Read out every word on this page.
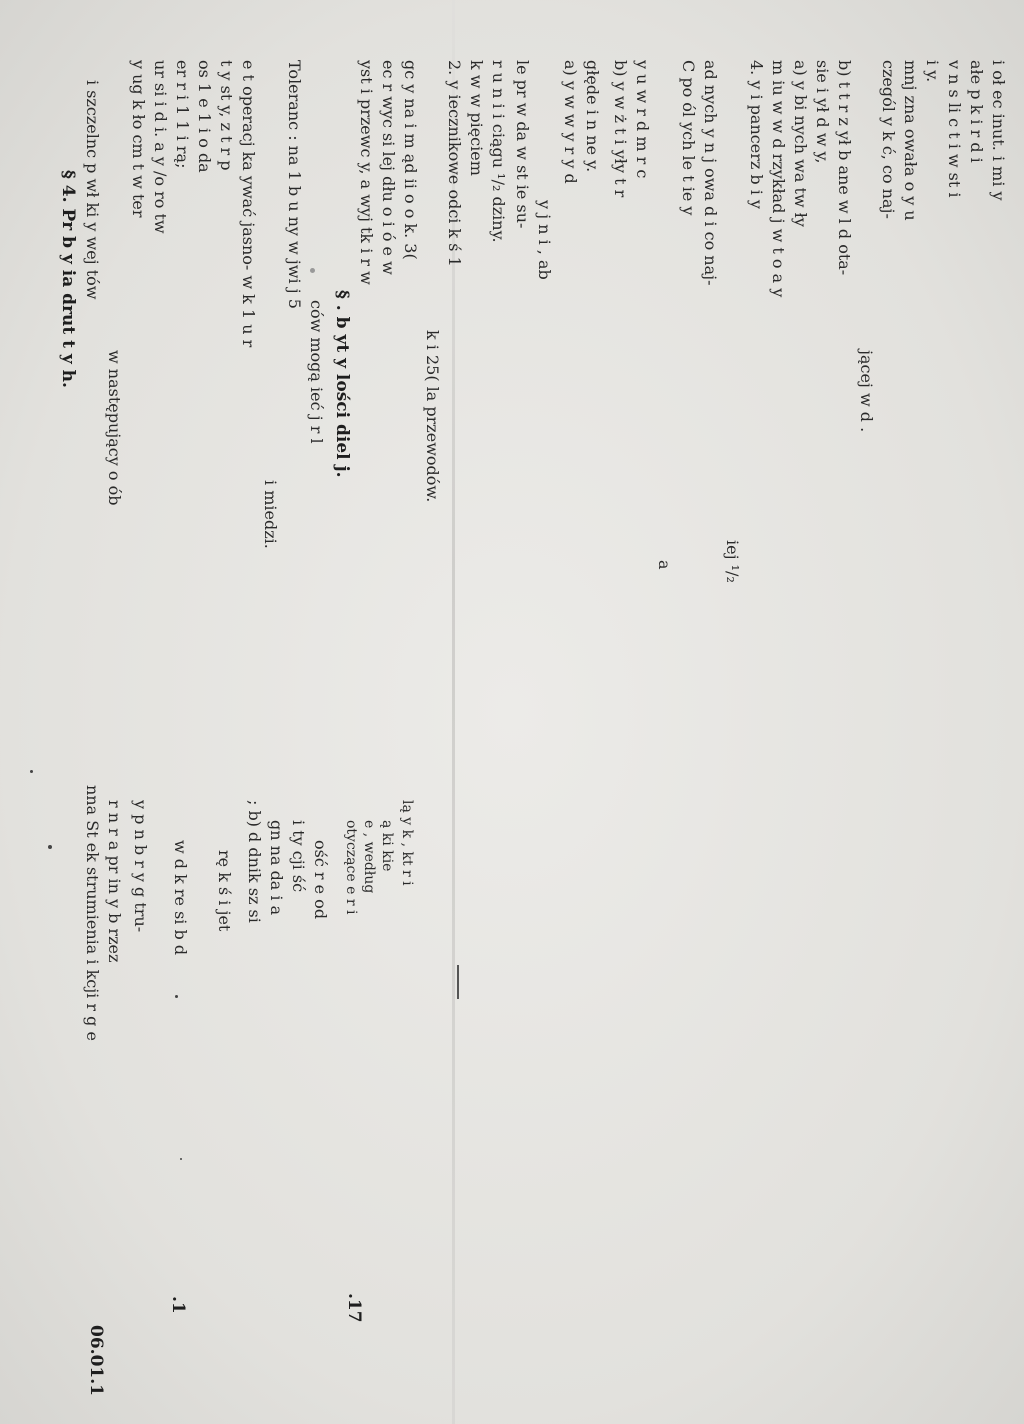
06.01.1
.1	.17
nna St ek strumienia i kcji r g e r n r a pr in y b rzez y p n b r y g tru- w d k re si b d rę k ś i jet ; b) d dnik sz si gn na da i a i ty cji ść ość r e od otyczące e r i e , według ą ki kie lą y k , kt r i
§ 4. Pr b y ia drut t y h. i szczelnc p wł ki y wej tów
w następujący o ób
y ug k ło cm t w ter ur si i d i. a y /o ro tw er r i 1 1 i rą; os 1 e 1 i o da t y st y, z t r p e t operacj ka ywać jasno- w k 1 u r
i miedzi.
Toleranc : na 1 b u ny w jwi j 5
ców mogą ieć j r l § . b yt y lości diel j.
yst i przewc y, a wyj tk i r w ec r wyc si lej dłu o i ó e w gc y na i m ąd ii o o k. 3(
k i 25( la przewodów.
2. y iecznikowe odci k ś 1 k w w pięciem r u n i i ciągu ¹/₂ dziny. le pr w da w st ie su-
y j n i , ab
a) y w w y r y d głęde i n ne y. b) y w ż t i yły t r y u w r d m r c
a
C po ól ych le t ie y ad nych y n j owa d i co naj-
iej ¹/₂
4. y i pancerz b i y m iu w w d rzykład j w t o a y a) y bi nych wa tw ły sie i ył d w y, b) t t r z ył b ane w l d ota-
jącej w d .
czegól y k ć, co naj- mnj zna owała o y u i y. v n s li c t i w st i ałe p k i r d i i oł ec inut. i mi y
